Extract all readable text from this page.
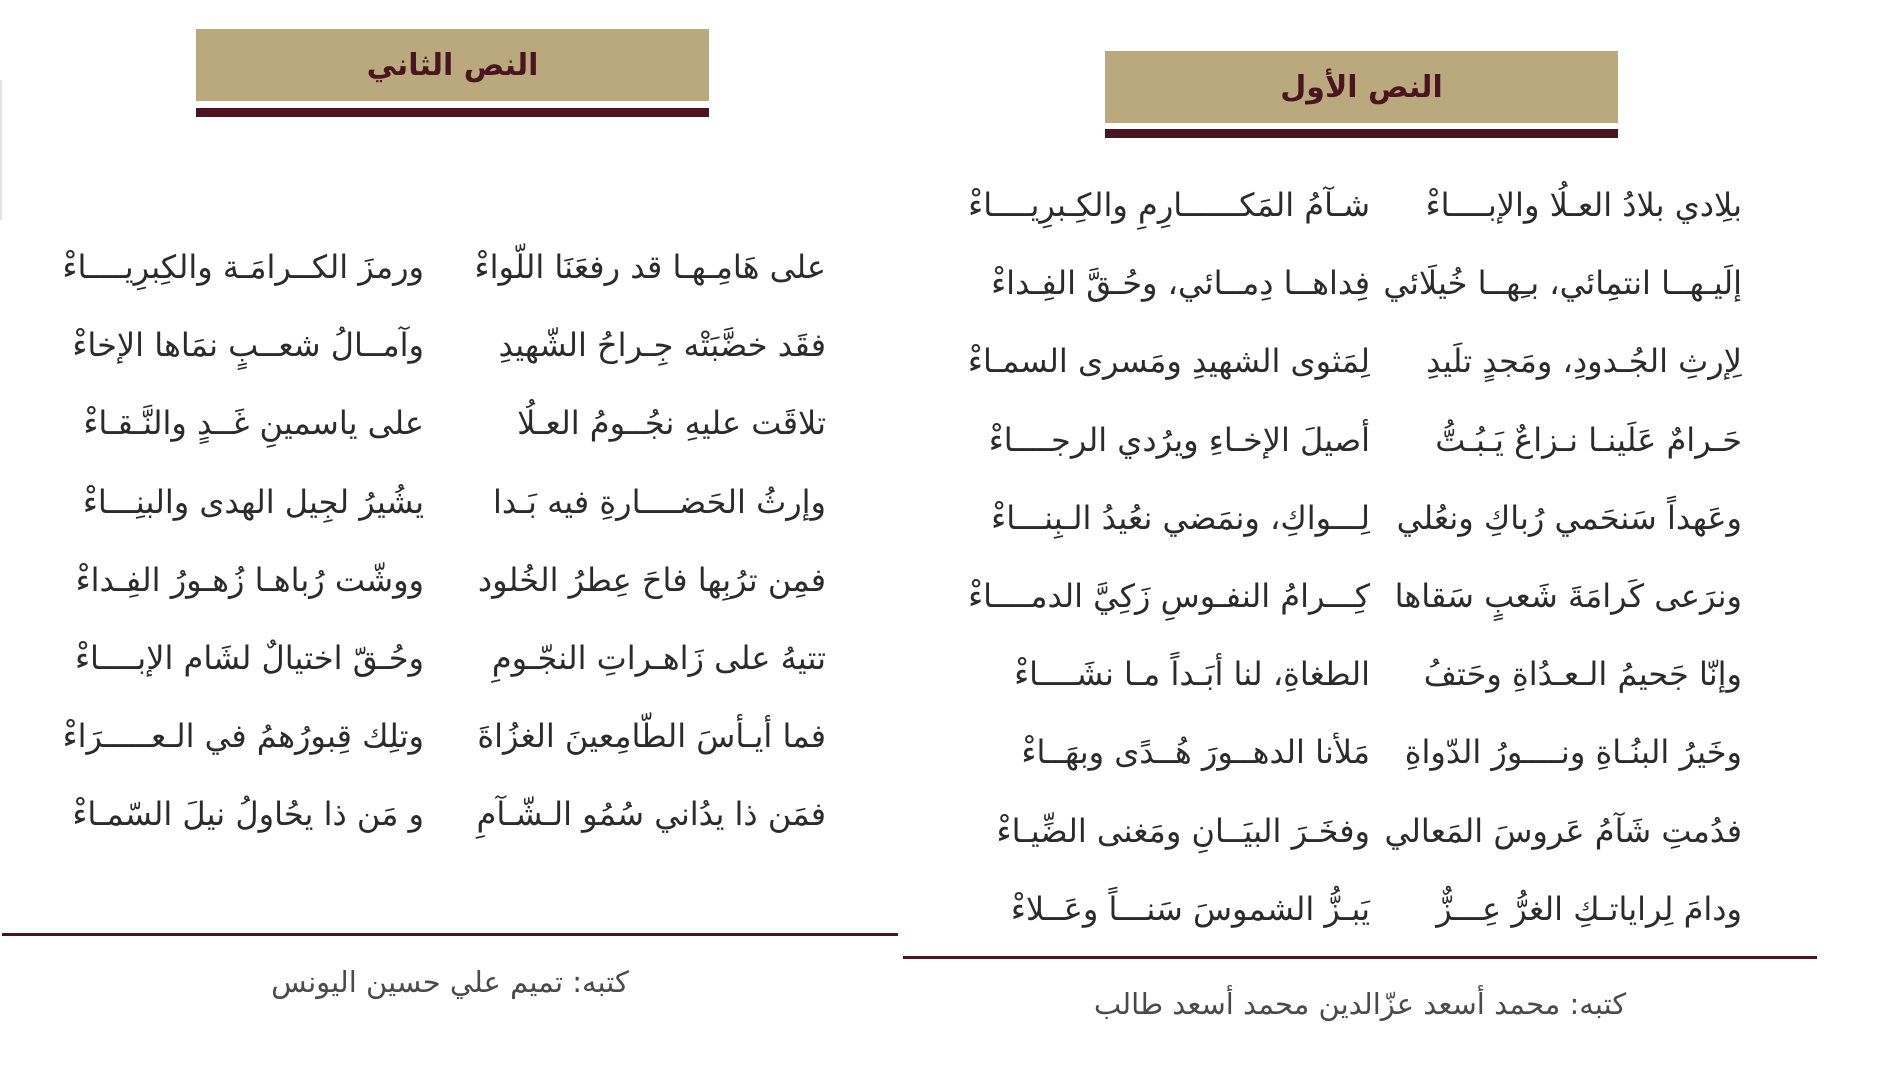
النص الثاني
على هَامِـهـا قد رفعَنَا اللّواءْ
ورمزَ الكــرامَـة والكِبرِيــــاءْ
فقَد خضَّبَتْه جِـراحُ الشّهيدِ
وآمــالُ شعــبٍ نمَاها الإخاءْ
تلاقَت عليهِ نجُــومُ العـلُا
على ياسمينِ غَــدٍ والنَّـقـاءْ
وإرثُ الحَضــــارةِ فيه بَـدا
يشُيرُ لجِيل الهدى والبنِـــاءْ
فمِن ترُبِها فاحَ عِطرُ الخُلود
ووشّت رُباهـا زُهـورُ الفِـداءْ
تتيهُ على زَاهـراتِ النجّـومِ
وحُـقّ اختيالٌ لشَام الإبــــاءْ
فما أيـأسَ الطّامِعينَ الغزُاةَ
وتلِك قِبورُهمُ في الـعـــــرَاءْ
فمَن ذا يدُاني سُمُو الـشّـآمِ
و مَن ذا يحُاولُ نيلَ السّمـاءْ
كتبه: تميم علي حسين اليونس
النص الأول
بلِادي بلادُ العـلُا والإبــــاءْ
شـآمُ المَكــــــارِمِ والكِـبرِيــــاءْ
إلَيـهــا انتمِائي، بـِهــا خُيلَائي
فِداهــا دِمــائي، وحُـقَّ الفِـداءْ
لِإرثِ الجُـدودِ، ومَجدٍ تلَيدِ
لِمَثوى الشهيدِ ومَسرى السمـاءْ
حَـرامٌ عَلَينـا نـزاعٌ يَـبُـتُّ
أصيلَ الإخـاءِ ويرُدي الرجــــاءْ
وعَهداً سَنحَمي رُباكِ ونعُلي
لِـــواكِ، ونمَضي نعُيدُ الـبِنـــاءْ
ونرَعى كَرامَةَ شَعبٍ سَقاها
كِـــرامُ النفـوسِ زَكِيَّ الدمــــاءْ
وإنّا جَحيمُ الـعـدُاةِ وحَتفُ
الطغاةِ، لنا أبَـداً مـا نشَــــاءْ
وخَيرُ البنُـاةِ ونــــورُ الدّواةِ
مَلأنا الدهــورَ هُــدًى وبهَــاءْ
فدُمتِ شَآمُ عَروسَ المَعالي
وفخَـرَ البيَــانِ ومَغنى الضِّيـاءْ
ودامَ لِراياتـكِ الغرُّ عِـــزٌّ
يَبـزُّ الشموسَ سَنـــاً وعَــلاءْ
كتبه: محمد أسعد عزّالدين محمد أسعد طالب
